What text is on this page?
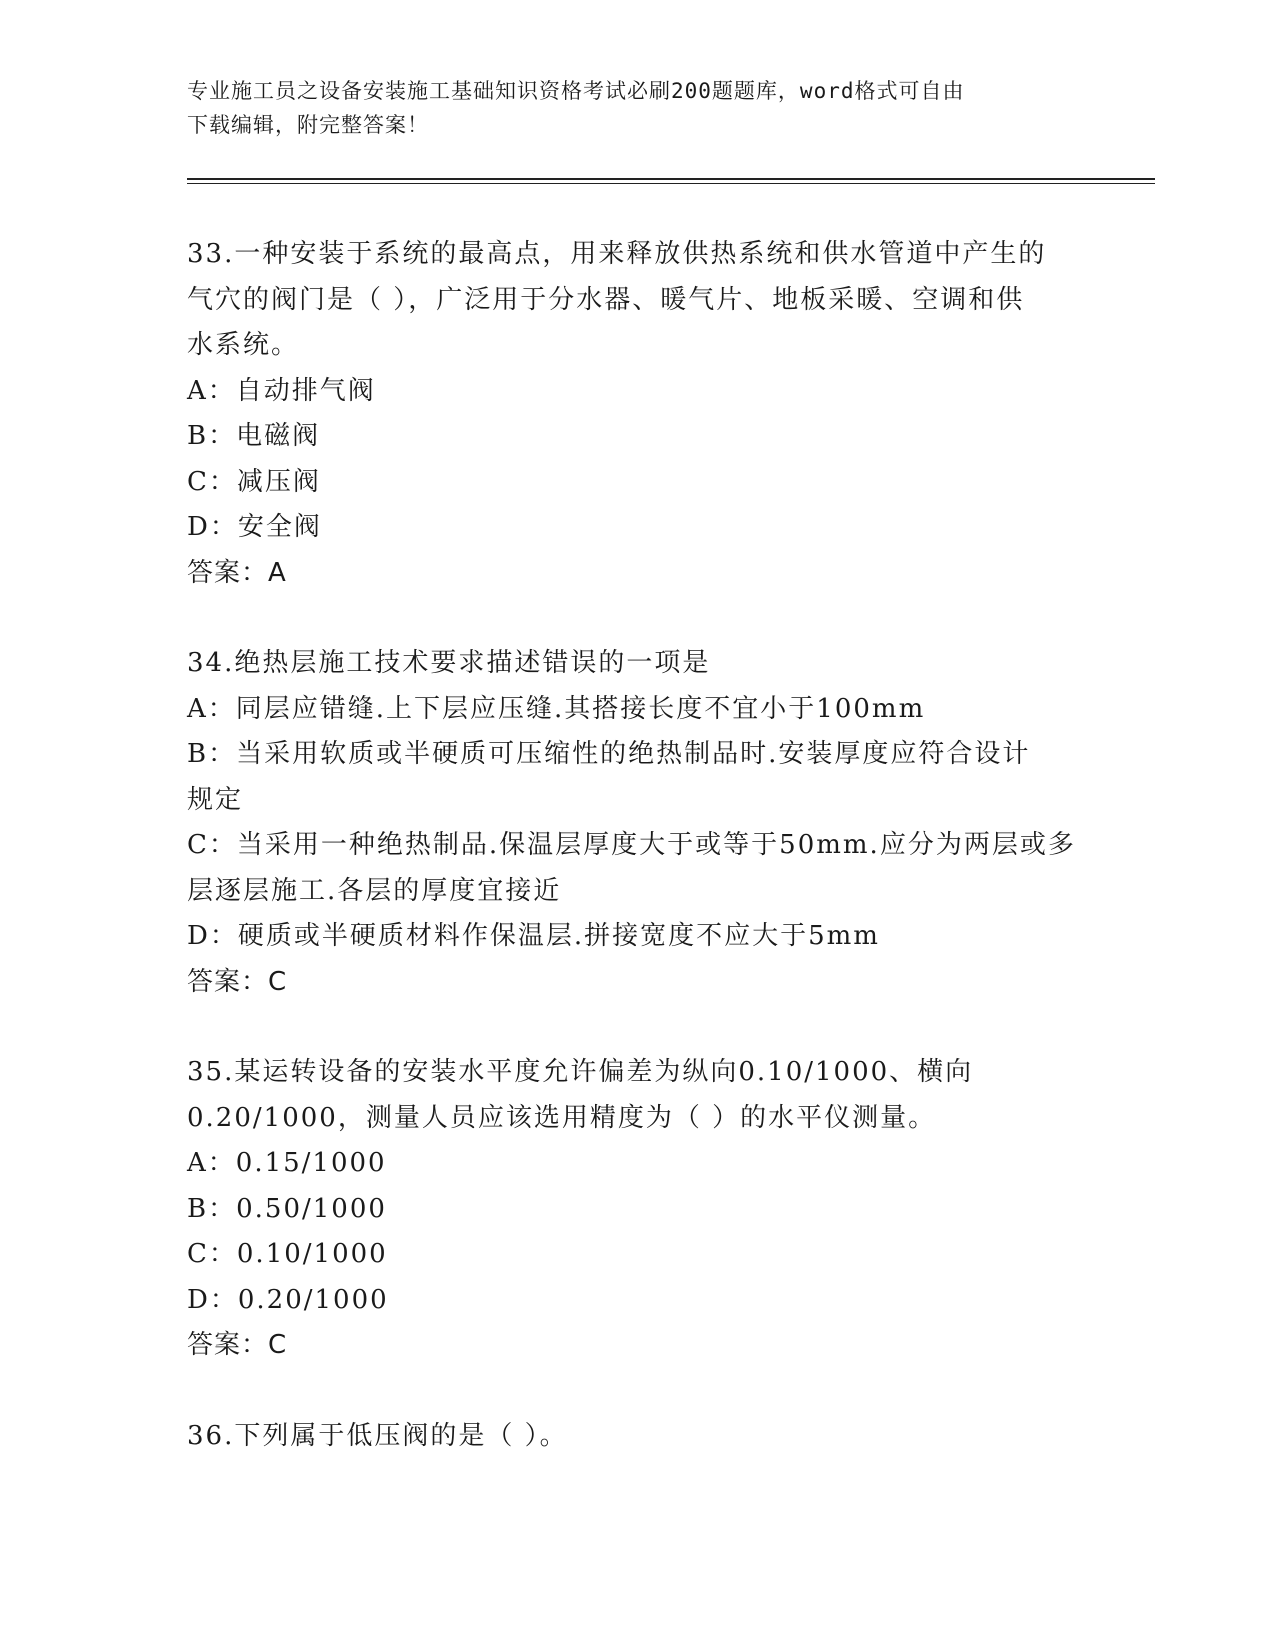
专业施工员之设备安装施工基础知识资格考试必刷200题题库，word格式可自由
下载编辑，附完整答案！

33.一种安装于系统的最高点，用来释放供热系统和供水管道中产生的

气穴的阀门是（ ），广泛用于分水器、暖气片、地板采暖、空调和供

水系统。

A：自动排气阀

B：电磁阀

C：减压阀

D：安全阀

答案：A

34.绝热层施工技术要求描述错误的一项是

A：同层应错缝.上下层应压缝.其搭接长度不宜小于100mm

B：当采用软质或半硬质可压缩性的绝热制品时.安装厚度应符合设计

规定

C：当采用一种绝热制品.保温层厚度大于或等于50mm.应分为两层或多

层逐层施工.各层的厚度宜接近

D：硬质或半硬质材料作保温层.拼接宽度不应大于5mm

答案：C

35.某运转设备的安装水平度允许偏差为纵向0.10/1000、横向

0.20/1000，测量人员应该选用精度为（ ）的水平仪测量。

A：0.15/1000

B：0.50/1000

C：0.10/1000

D：0.20/1000

答案：C

36.下列属于低压阀的是（ ）。
